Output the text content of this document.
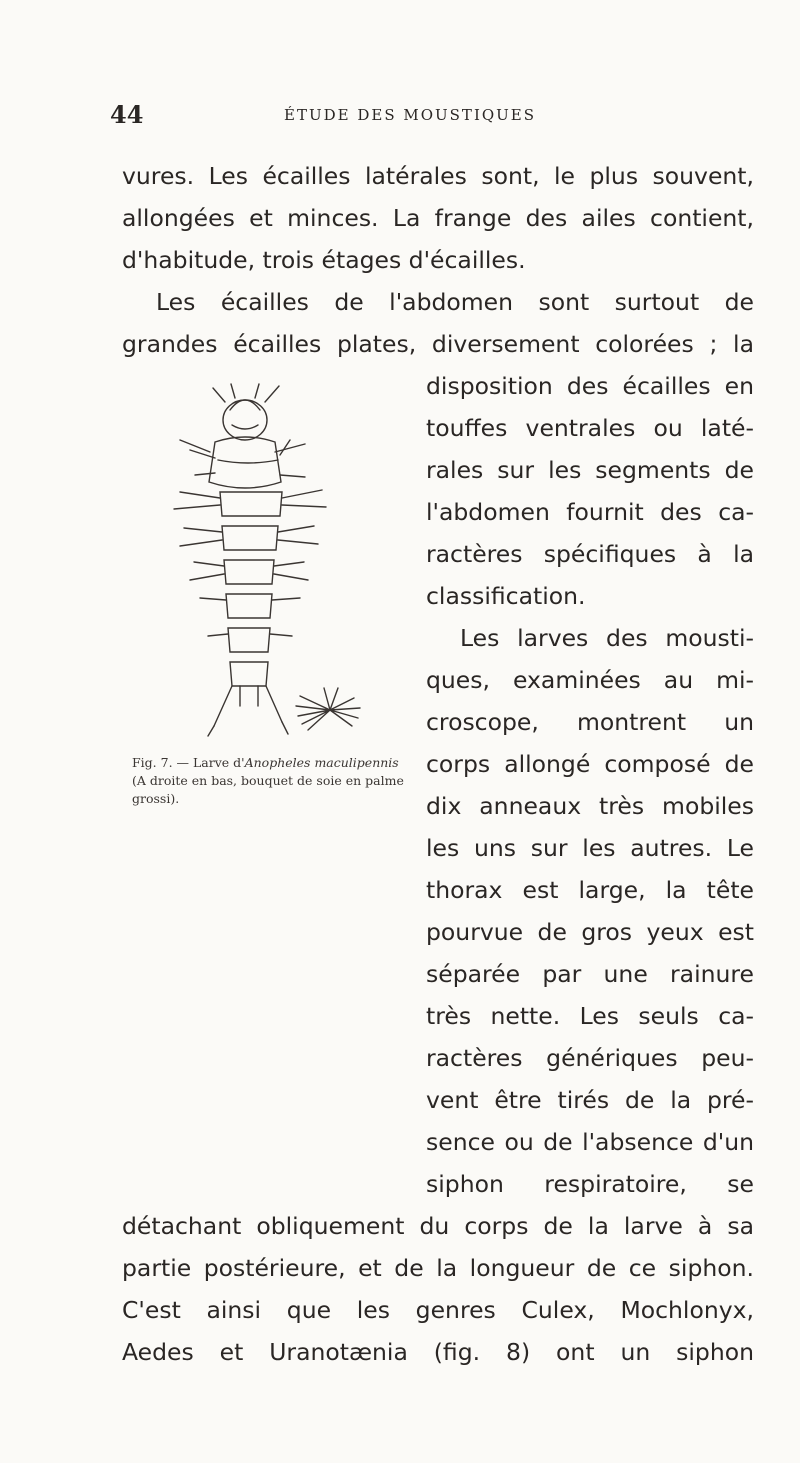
44	ÉTUDE DES MOUSTIQUES
vures. Les écailles latérales sont, le plus souvent,
allongées et minces. La frange des ailes contient,
d'habitude, trois étages d'écailles.
Les écailles de l'abdomen sont surtout de
grandes écailles plates, diversement colorées ; la
disposition des écailles en
touffes ventrales ou laté-
rales sur les segments de
l'abdomen fournit des ca-
ractères spécifiques à la
classification.
Les larves des mousti-
ques, examinées au mi-
croscope, montrent un
corps allongé composé de
dix anneaux très mobiles
les uns sur les autres. Le
thorax est large, la tête
pourvue de gros yeux est
séparée par une rainure
très nette. Les seuls ca-
ractères génériques peu-
vent être tirés de la pré-
sence ou de l'absence d'un
siphon respiratoire, se
détachant obliquement du corps de la larve à sa
partie postérieure, et de la longueur de ce siphon.
C'est ainsi que les genres Culex, Mochlonyx,
Aedes et Uranotænia (fig. 8) ont un siphon
Fig. 7. — Larve d'Anopheles maculipennis (A droite en bas, bouquet de soie en palme grossi).
